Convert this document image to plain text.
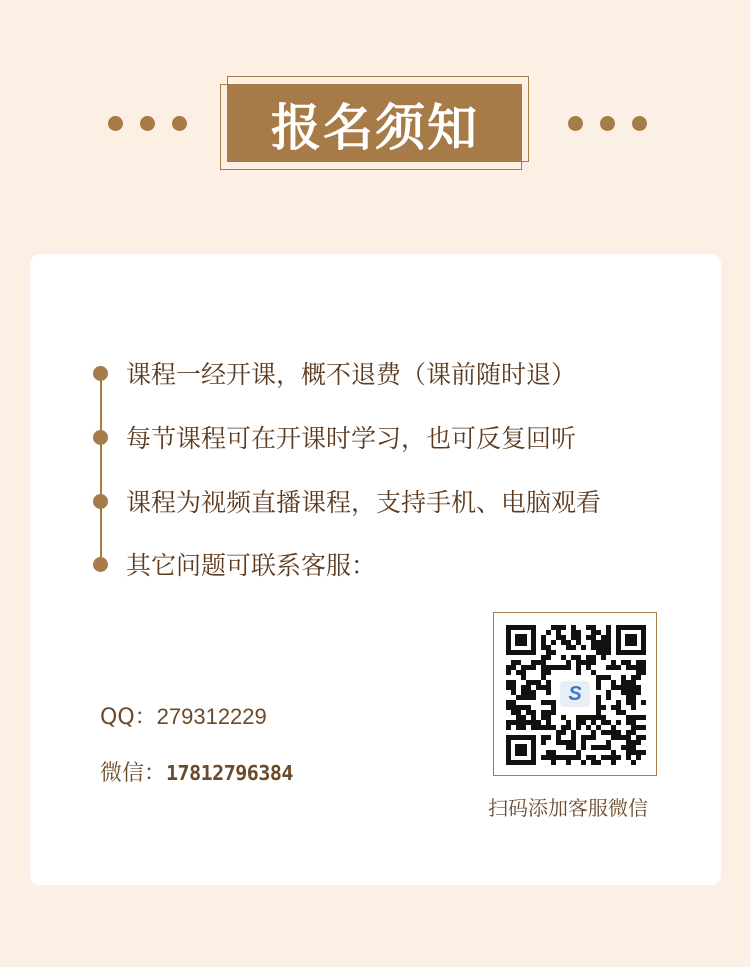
报名须知
课程一经开课，概不退费（课前随时退）
每节课程可在开课时学习，也可反复回听
课程为视频直播课程，支持手机、电脑观看
其它问题可联系客服：
QQ：279312229
微信：17812796384
S
扫码添加客服微信
